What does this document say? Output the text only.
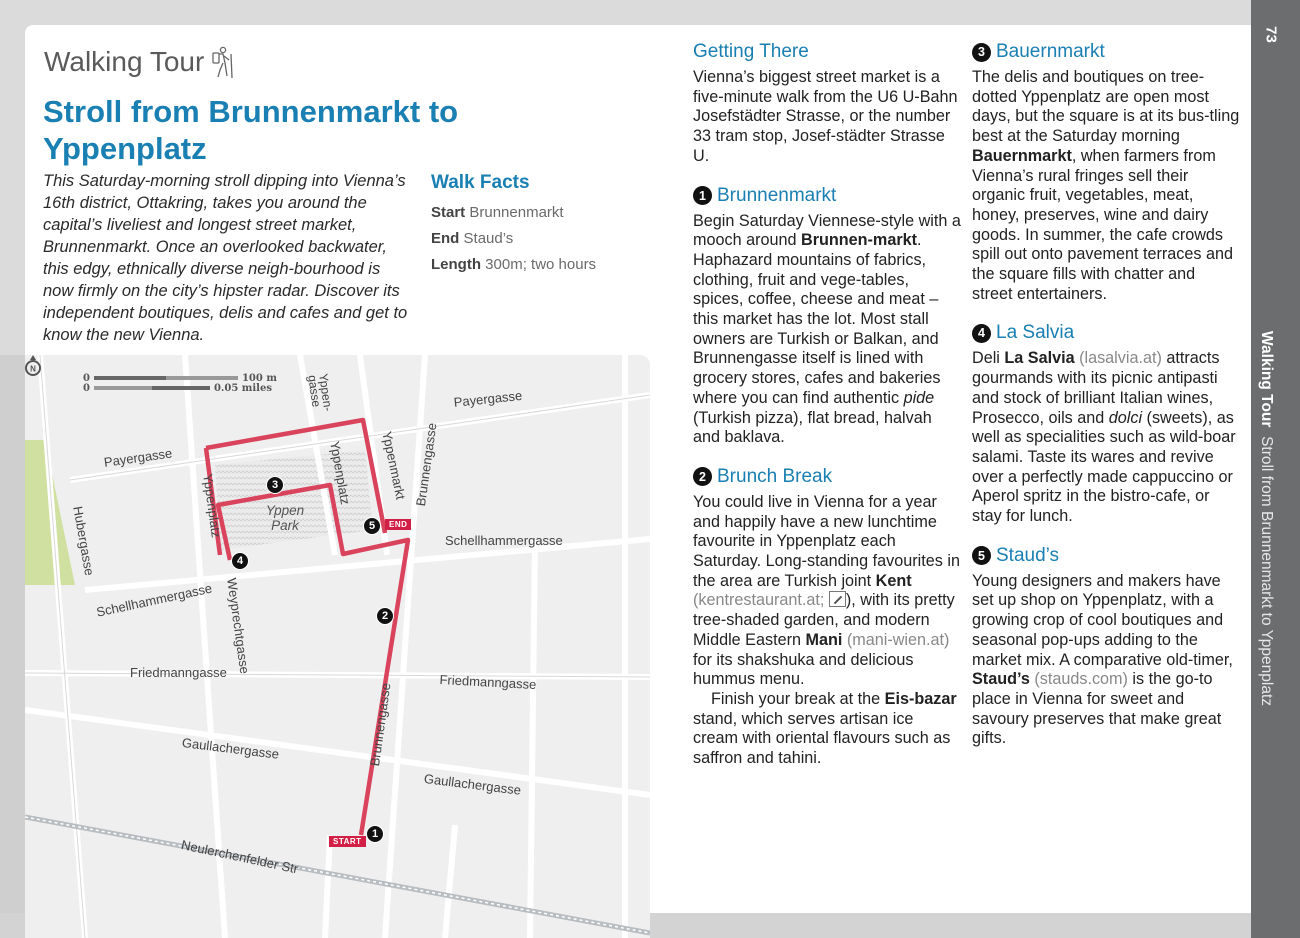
73
Walking Tour  Stroll from Brunnenmarkt to Yppenplatz
Walking Tour
Stroll from Brunnenmarkt to Yppenplatz
This Saturday-morning stroll dipping into Vienna’s 16th district, Ottakring, takes you around the capital’s liveliest and longest street market, Brunnenmarkt. Once an overlooked backwater, this edgy, ethnically diverse neigh-bourhood is now firmly on the city’s hipster radar. Discover its independent boutiques, delis and cafes and get to know the new Vienna.
Walk Facts
Start Brunnenmarkt
End Staud’s
Length 300m; two hours
Getting There
Vienna’s biggest street market is a five-minute walk from the U6 U-Bahn Josefstädter Strasse, or the number 33 tram stop, Josef-städter Strasse U.
1 Brunnenmarkt
Begin Saturday Viennese-style with a mooch around Brunnen-markt. Haphazard mountains of fabrics, clothing, fruit and vege-tables, spices, coffee, cheese and meat – this market has the lot. Most stall owners are Turkish or Balkan, and Brunnengasse itself is lined with grocery stores, cafes and bakeries where you can find authentic pide (Turkish pizza), flat bread, halvah and baklava.
2 Brunch Break
You could live in Vienna for a year and happily have a new lunchtime favourite in Yppenplatz each Saturday. Long-standing favourites in the area are Turkish joint Kent (kentrestaurant.at; ), with its pretty tree-shaded garden, and modern Middle Eastern Mani (mani-wien.at) for its shakshuka and delicious hummus menu.
Finish your break at the Eis-bazar stand, which serves artisan ice cream with oriental flavours such as saffron and tahini.
3 Bauernmarkt
The delis and boutiques on tree-dotted Yppenplatz are open most days, but the square is at its bus-tling best at the Saturday morning Bauernmarkt, when farmers from Vienna’s rural fringes sell their organic fruit, vegetables, meat, honey, preserves, wine and dairy goods. In summer, the cafe crowds spill out onto pavement terraces and the square fills with chatter and street entertainers.
4 La Salvia
Deli La Salvia (lasalvia.at) attracts gourmands with its picnic antipasti and stock of brilliant Italian wines, Prosecco, oils and dolci (sweets), as well as specialities such as wild-boar salami. Taste its wares and revive over a perfectly made cappuccino or Aperol spritz in the bistro-cafe, or stay for lunch.
5 Staud’s
Young designers and makers have set up shop on Yppenplatz, with a growing crop of cool boutiques and seasonal pop-ups adding to the market mix. A comparative old-timer, Staud’s (stauds.com) is the go-to place in Vienna for sweet and savoury preserves that make great gifts.
N
0	100 m
0	0.05 miles
Payergasse
Payergasse
Hubergasse	Yppenplatz
Yppenplatz
Yppen-gasse
Yppenmarkt Brunnengasse
Schellhammergasse
Schellhammergasse Weyprechtgasse
Friedmanngasse	Friedmanngasse
Brunnengasse
Gaullachergasse
Gaullachergasse
Neulerchenfelder Str
Yppen Park
1
2
3
4
5
START
END
